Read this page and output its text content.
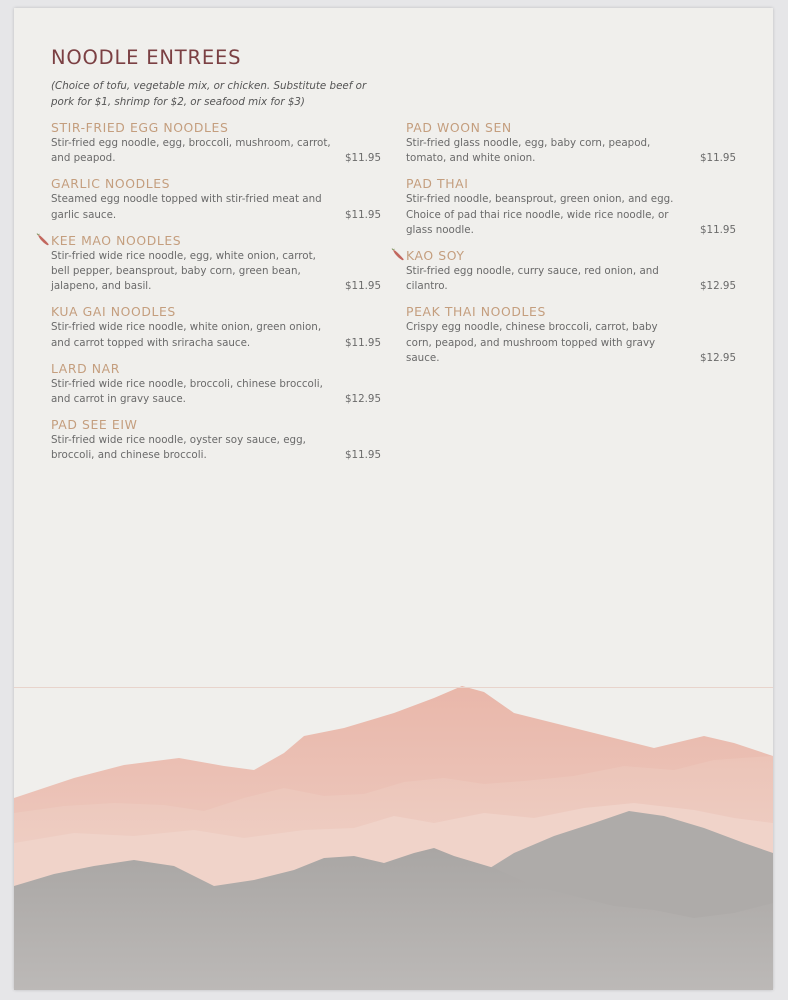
NOODLE ENTREES
(Choice of tofu, vegetable mix, or chicken. Substitute beef or pork for $1, shrimp for $2, or seafood mix for $3)
STIR-FRIED EGG NOODLES
Stir-fried egg noodle, egg, broccoli, mushroom, carrot, and peapod.	$11.95
GARLIC NOODLES
Steamed egg noodle topped with stir-fried meat and garlic sauce.	$11.95
KEE MAO NOODLES
Stir-fried wide rice noodle, egg, white onion, carrot, bell pepper, beansprout, baby corn, green bean, jalapeno, and basil.	$11.95
KUA GAI NOODLES
Stir-fried wide rice noodle, white onion, green onion, and carrot topped with sriracha sauce.	$11.95
LARD NAR
Stir-fried wide rice noodle, broccoli, chinese broccoli, and carrot in gravy sauce.	$12.95
PAD SEE EIW
Stir-fried wide rice noodle, oyster soy sauce, egg, broccoli, and chinese broccoli.	$11.95
PAD WOON SEN
Stir-fried glass noodle, egg, baby corn, peapod, tomato, and white onion.	$11.95
PAD THAI
Stir-fried noodle, beansprout, green onion, and egg. Choice of pad thai rice noodle, wide rice noodle, or glass noodle.	$11.95
KAO SOY
Stir-fried egg noodle, curry sauce, red onion, and cilantro.	$12.95
PEAK THAI NOODLES
Crispy egg noodle, chinese broccoli, carrot, baby corn, peapod, and mushroom topped with gravy sauce.	$12.95
